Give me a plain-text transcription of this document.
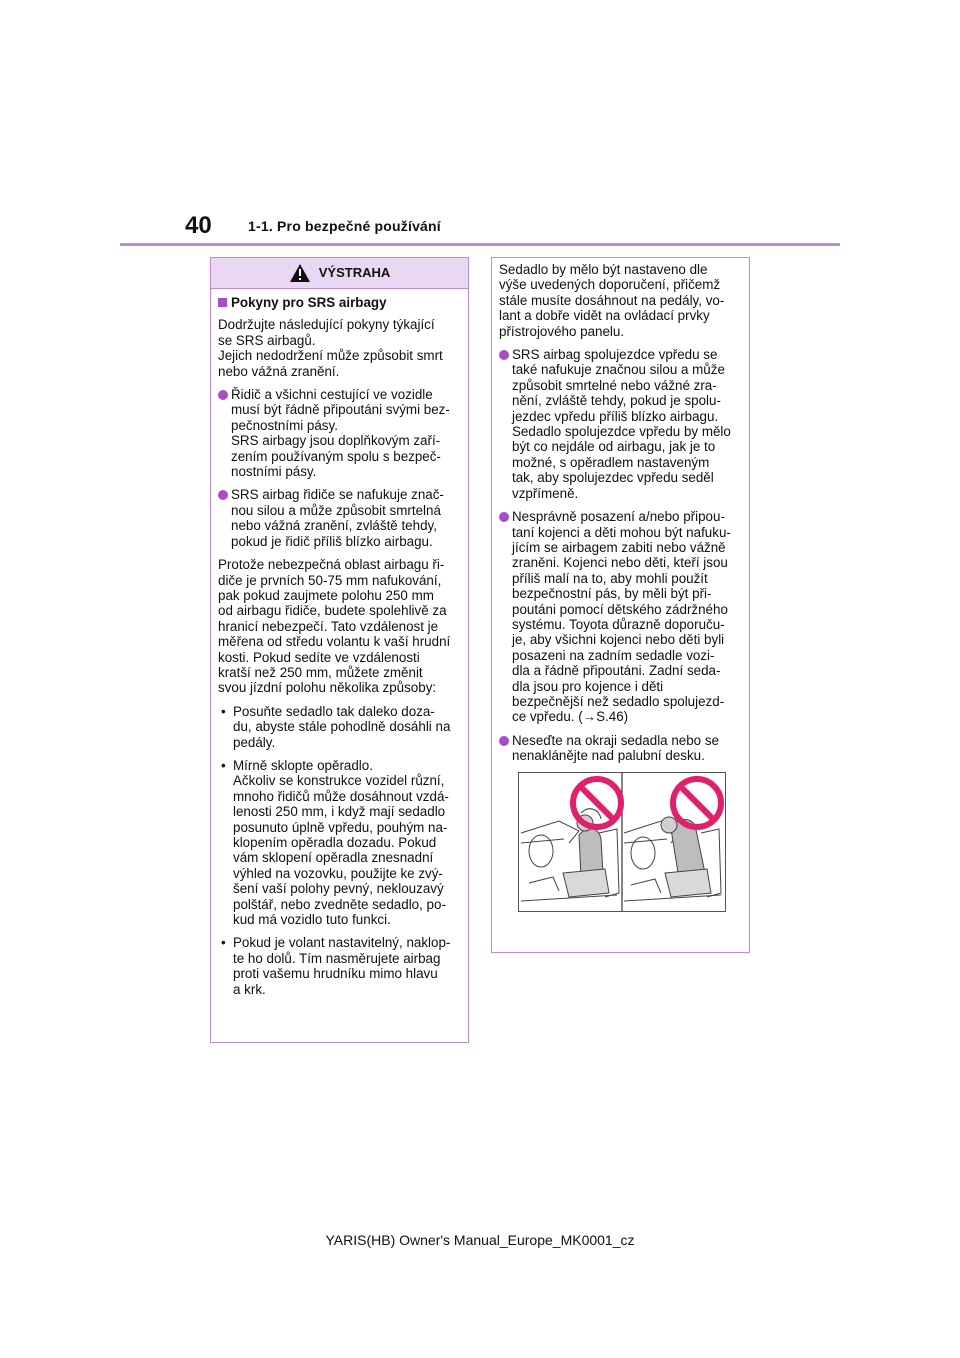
40	1-1. Pro bezpečné používání
VÝSTRAHA
Pokyny pro SRS airbagy

Dodržujte následující pokyny týkající
se SRS airbagů.
Jejich nedodržení může způsobit smrt
nebo vážná zranění.

Řidič a všichni cestující ve vozidle
musí být řádně připoutáni svými bez-
pečnostními pásy.
SRS airbagy jsou doplňkovým zaří-
zením používaným spolu s bezpeč-
nostními pásy.
SRS airbag řidiče se nafukuje znač-
nou silou a může způsobit smrtelná
nebo vážná zranění, zvláště tehdy,
pokud je řidič příliš blízko airbagu.

Protože nebezpečná oblast airbagu ři-
diče je prvních 50-75 mm nafukování,
pak pokud zaujmete polohu 250 mm
od airbagu řidiče, budete spolehlivě za
hranicí nebezpečí. Tato vzdálenost je
měřena od středu volantu k vaší hrudní
kosti. Pokud sedíte ve vzdálenosti
kratší než 250 mm, můžete změnit
svou jízdní polohu několika způsoby:

• Posuňte sedadlo tak daleko doza-
du, abyste stále pohodlně dosáhli na
pedály.
• Mírně sklopte opěradlo.
Ačkoliv se konstrukce vozidel různí,
mnoho řidičů může dosáhnout vzdá-
lenosti 250 mm, i když mají sedadlo
posunuto úplně vpředu, pouhým na-
klopením opěradla dozadu. Pokud
vám sklopení opěradla znesnadní
výhled na vozovku, použijte ke zvý-
šení vaší polohy pevný, neklouzavý
polštář, nebo zvedněte sedadlo, po-
kud má vozidlo tuto funkci.
• Pokud je volant nastavitelný, naklop-
te ho dolů. Tím nasměrujete airbag
proti vašemu hrudníku mimo hlavu
a krk.

Sedadlo by mělo být nastaveno dle
výše uvedených doporučení, přičemž
stále musíte dosáhnout na pedály, vo-
lant a dobře vidět na ovládací prvky
přístrojového panelu.

SRS airbag spolujezdce vpředu se
také nafukuje značnou silou a může
způsobit smrtelné nebo vážné zra-
nění, zvláště tehdy, pokud je spolu-
jezdec vpředu příliš blízko airbagu.
Sedadlo spolujezdce vpředu by mělo
být co nejdále od airbagu, jak je to
možné, s opěradlem nastaveným
tak, aby spolujezdec vpředu seděl
vzpřímeně.
Nesprávně posazení a/nebo připou-
taní kojenci a děti mohou být nafuku-
jícím se airbagem zabiti nebo vážně
zraněni. Kojenci nebo děti, kteří jsou
příliš malí na to, aby mohli použít
bezpečnostní pás, by měli být při-
poutáni pomocí dětského zádržného
systému. Toyota důrazně doporuču-
je, aby všichni kojenci nebo děti byli
posazeni na zadním sedadle vozi-
dla a řádně připoutáni. Zadní seda-
dla jsou pro kojence i děti
bezpečnější než sedadlo spolujezd-
ce vpředu. (→S.46)
Neseďte na okraji sedadla nebo se
nenaklánějte nad palubní desku.
YARIS(HB) Owner's Manual_Europe_MK0001_cz
